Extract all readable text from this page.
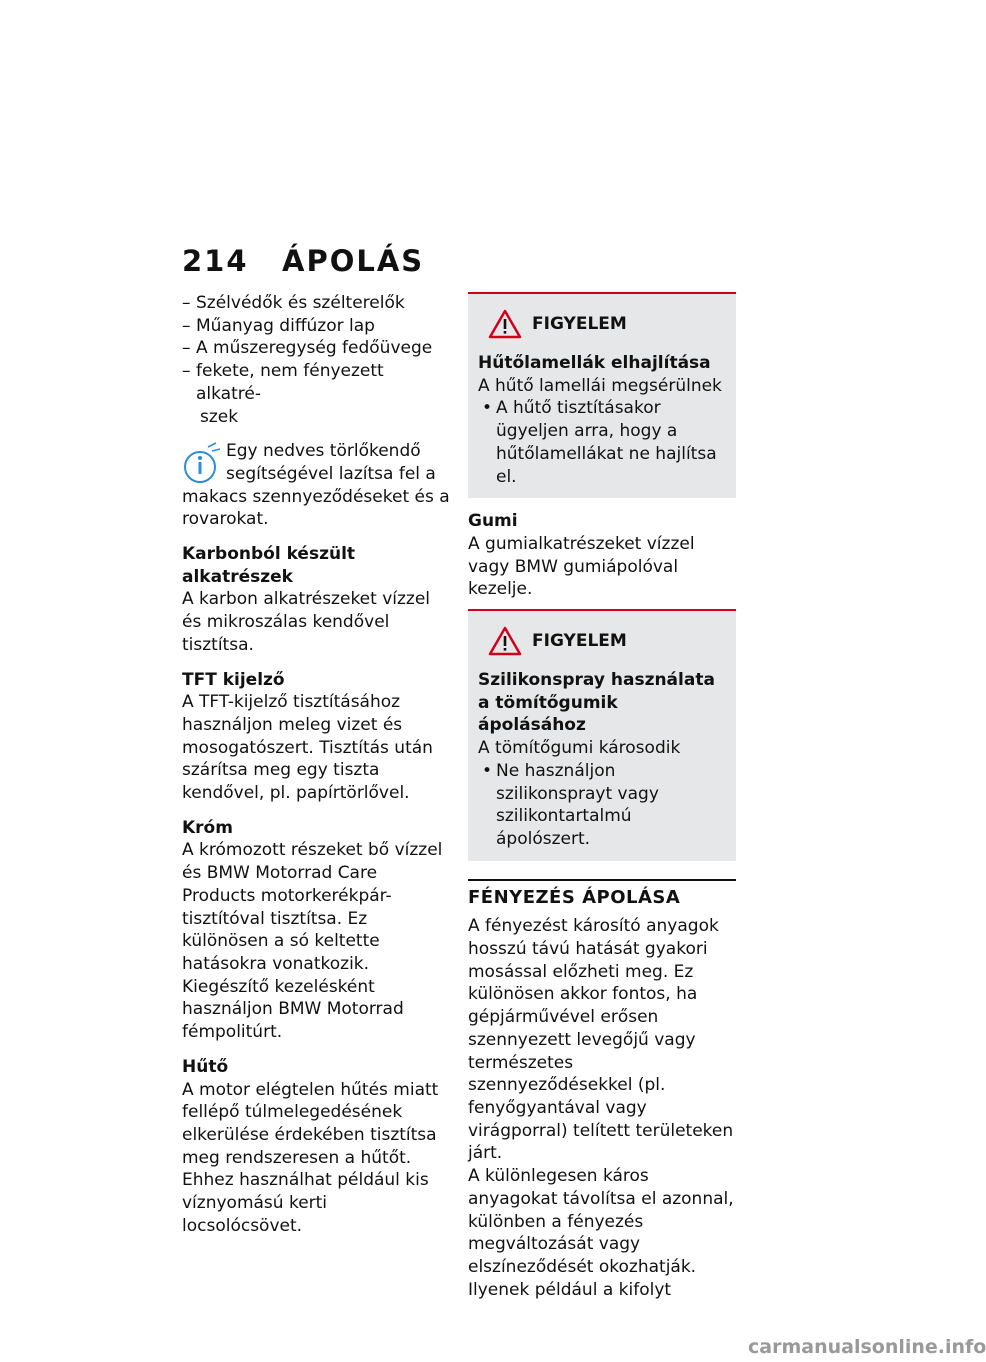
214 ÁPOLÁS
– Szélvédők és szélterelők
– Műanyag diffúzor lap
– A műszeregység fedőüvege
– fekete, nem fényezett alkatré-
szek

Egy nedves törlőkendő segítségével lazítsa fel a makacs szennyeződéseket és a rovarokat.

Karbonból készült alkatrészek

A karbon alkatrészeket vízzel és mikroszálas kendővel tisztítsa.

TFT kijelző

A TFT-kijelző tisztításához használjon meleg vizet és mosogatószert. Tisztítás után szárítsa meg egy tiszta kendővel, pl. papírtörlővel.

Króm

A krómozott részeket bő vízzel és BMW Motorrad Care Products motorkerékpár-tisztítóval tisztítsa. Ez különösen a só keltette hatásokra vonatkozik. Kiegészítő kezelésként használjon BMW Motorrad fémpolitúrt.

Hűtő

A motor elégtelen hűtés miatt fellépő túlmelegedésének elkerülése érdekében tisztítsa meg rendszeresen a hűtőt.

Ehhez használhat például kis víznyomású kerti locsolócsövet.

FIGYELEM
Hűtőlamellák elhajlítása
A hűtő lamellái megsérülnek
• A hűtő tisztításakor ügyeljen arra, hogy a hűtőlamellákat ne hajlítsa el.
Gumi

A gumialkatrészeket vízzel vagy BMW gumiápolóval kezelje.

FIGYELEM
Szilikonspray használata a tömítőgumik ápolásához
A tömítőgumi károsodik
• Ne használjon szilikonsprayt vagy szilikontartalmú ápolószert.
FÉNYEZÉS ÁPOLÁSA

A fényezést károsító anyagok hosszú távú hatását gyakori mosással előzheti meg. Ez különösen akkor fontos, ha gépjárművével erősen szennyezett levegőjű vagy természetes szennyeződésekkel (pl. fenyőgyantával vagy virágporral) telített területeken járt.

A különlegesen káros anyagokat távolítsa el azonnal, különben a fényezés megváltozását vagy elszíneződését okozhatják. Ilyenek például a kifolyt

carmanualsonline.info
